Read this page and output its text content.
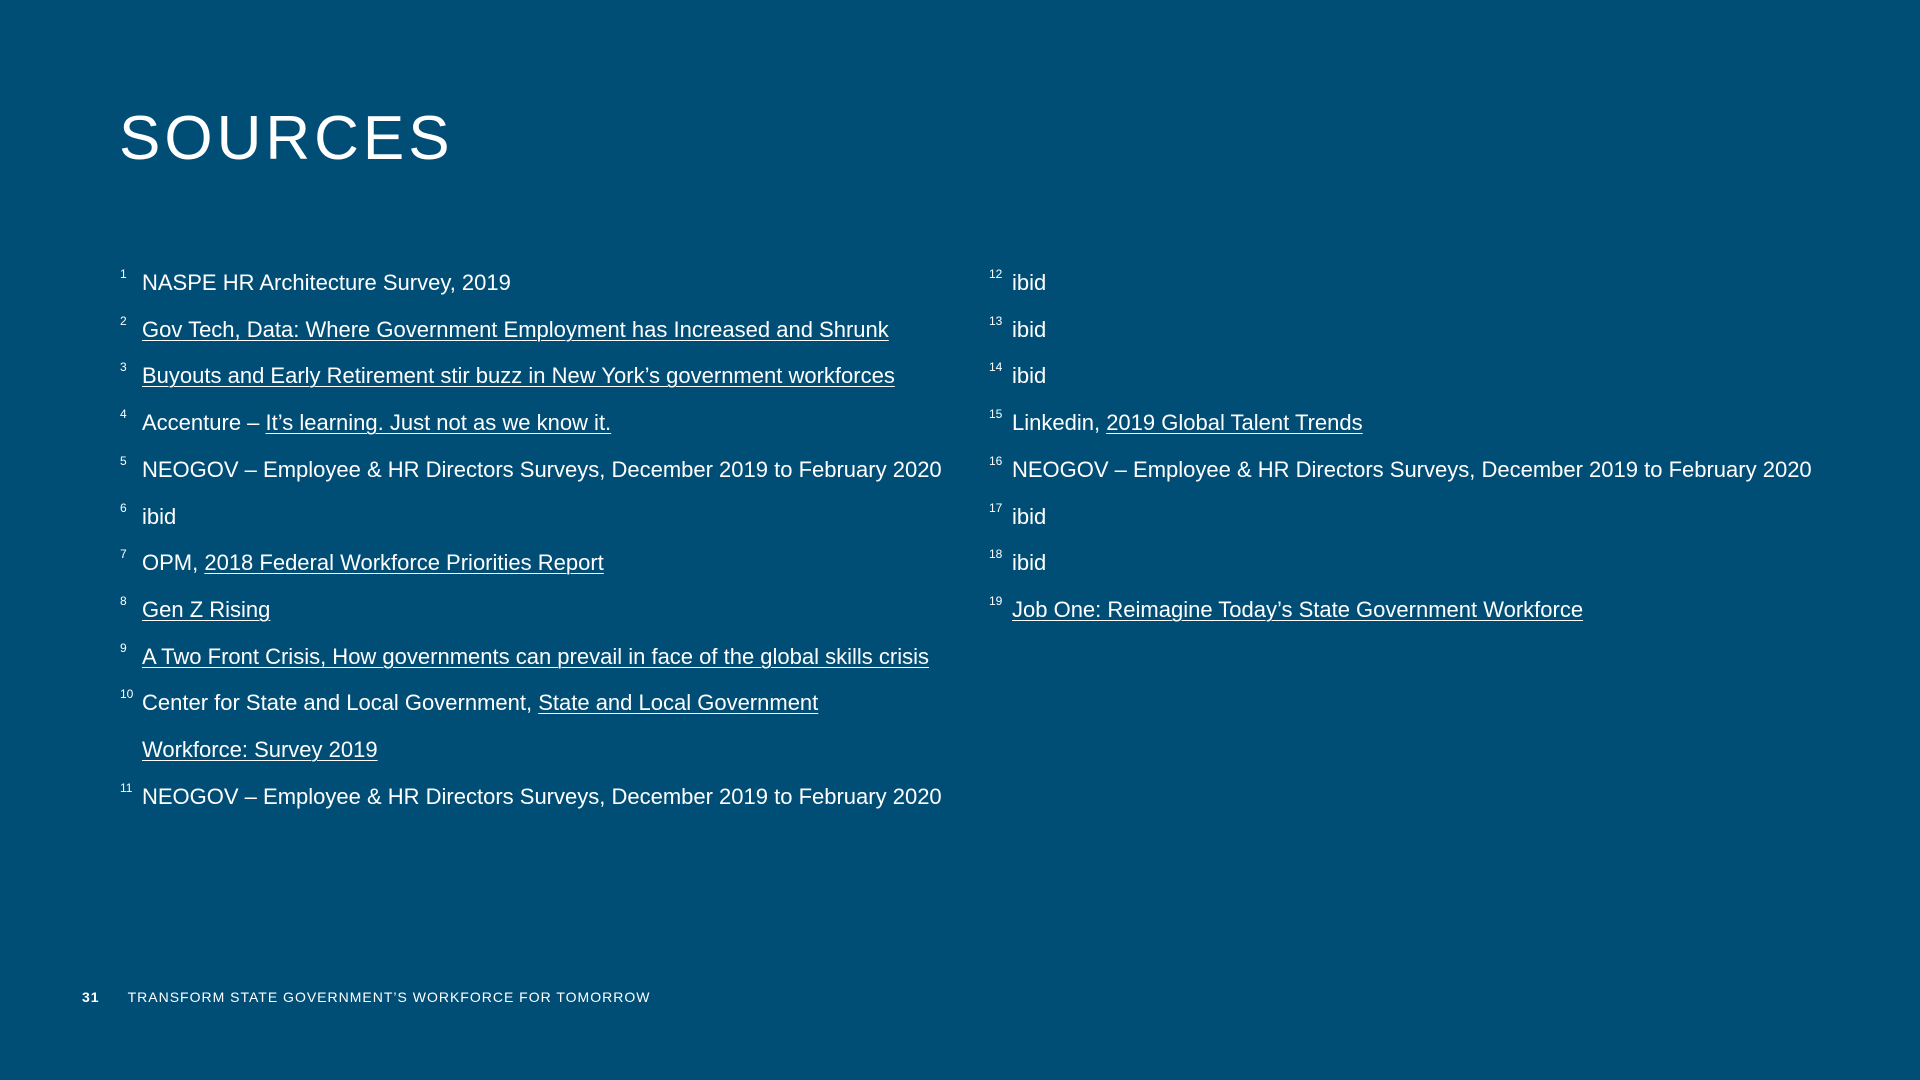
SOURCES
1 NASPE HR Architecture Survey, 2019
2 Gov Tech, Data: Where Government Employment has Increased and Shrunk
3 Buyouts and Early Retirement stir buzz in New York’s government workforces
4 Accenture – It’s learning. Just not as we know it.
5 NEOGOV – Employee & HR Directors Surveys, December 2019 to February 2020
6 ibid
7 OPM, 2018 Federal Workforce Priorities Report
8 Gen Z Rising
9 A Two Front Crisis, How governments can prevail in face of the global skills crisis
10 Center for State and Local Government, State and Local Government Workforce: Survey 2019
11 NEOGOV – Employee & HR Directors Surveys, December 2019 to February 2020
12 ibid
13 ibid
14 ibid
15 Linkedin, 2019 Global Talent Trends
16 NEOGOV – Employee & HR Directors Surveys, December 2019 to February 2020
17 ibid
18 ibid
19 Job One: Reimagine Today’s State Government Workforce
31 TRANSFORM STATE GOVERNMENT’S WORKFORCE FOR TOMORROW
